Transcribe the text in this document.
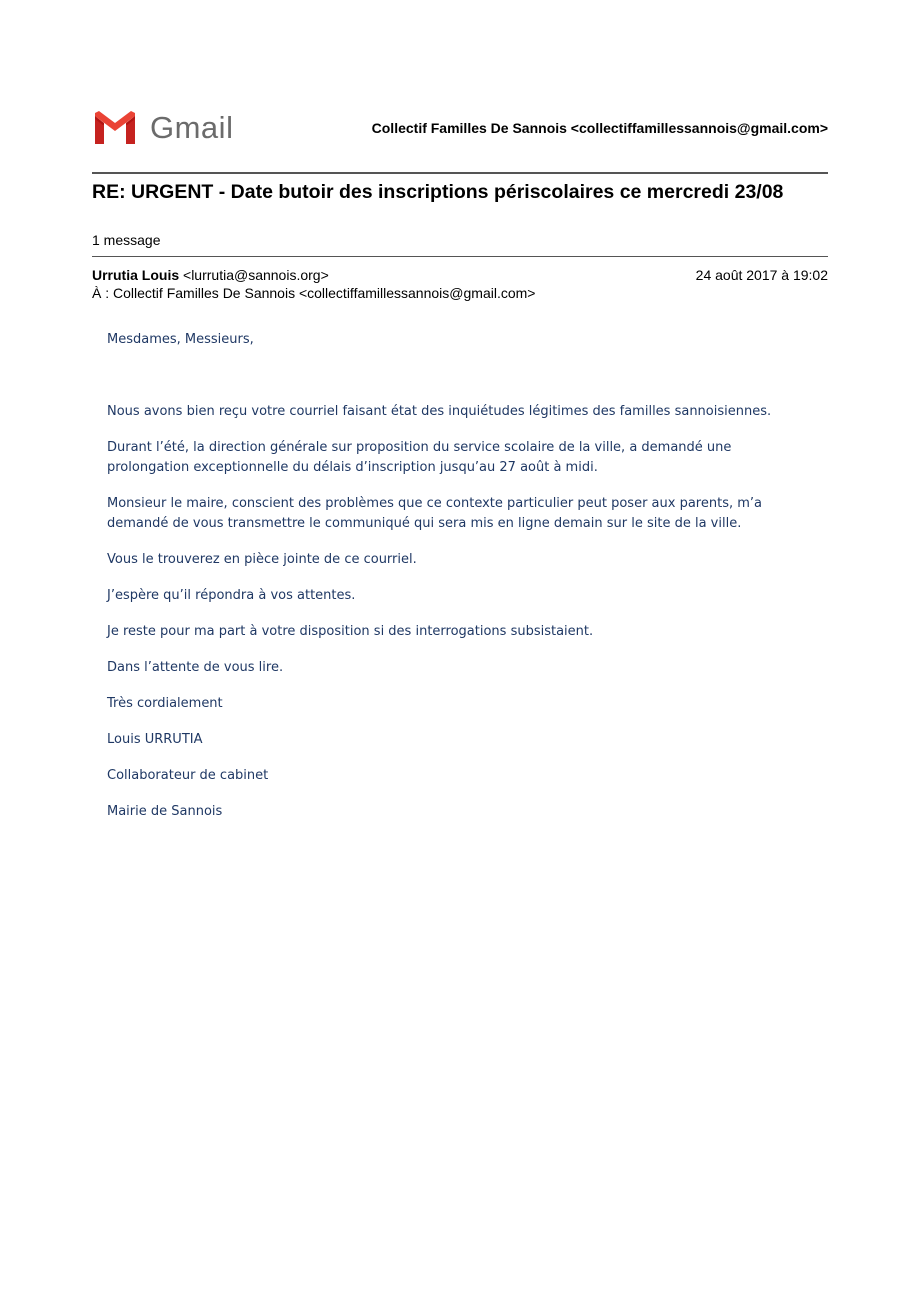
Gmail	Collectif Familles De Sannois <collectiffamillessannois@gmail.com>
RE: URGENT - Date butoir des inscriptions périscolaires ce mercredi 23/08
1 message
Urrutia Louis <lurrutia@sannois.org>	24 août 2017 à 19:02
À : Collectif Familles De Sannois <collectiffamillessannois@gmail.com>

Mesdames, Messieurs,

Nous avons bien reçu votre courriel faisant état des inquiétudes légitimes des familles sannoisiennes.

Durant l’été, la direction générale sur proposition du service scolaire de la ville, a demandé une prolongation exceptionnelle du délais d’inscription jusqu’au 27 août à midi.

Monsieur le maire, conscient des problèmes que ce contexte particulier peut poser aux parents, m’a demandé de vous transmettre le communiqué qui sera mis en ligne demain sur le site de la ville.

Vous le trouverez en pièce jointe de ce courriel.

J’espère qu’il répondra à vos attentes.

Je reste pour ma part à votre disposition si des interrogations subsistaient.

Dans l’attente de vous lire.

Très cordialement

Louis URRUTIA

Collaborateur de cabinet

Mairie de Sannois
